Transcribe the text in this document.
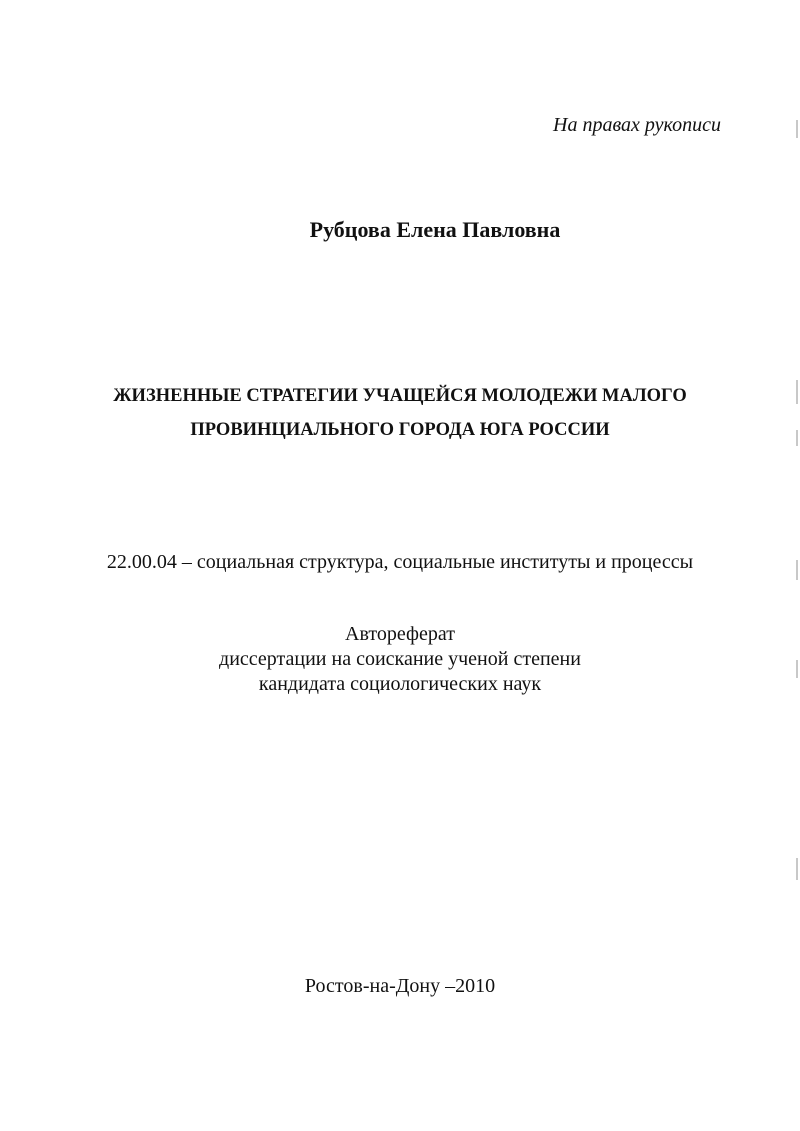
На правах рукописи
Рубцова Елена Павловна
ЖИЗНЕННЫЕ СТРАТЕГИИ УЧАЩЕЙСЯ МОЛОДЕЖИ МАЛОГО
ПРОВИНЦИАЛЬНОГО ГОРОДА ЮГА РОССИИ
22.00.04 – социальная структура, социальные институты и процессы
Автореферат
диссертации на соискание ученой степени
кандидата социологических наук
Ростов-на-Дону –2010
